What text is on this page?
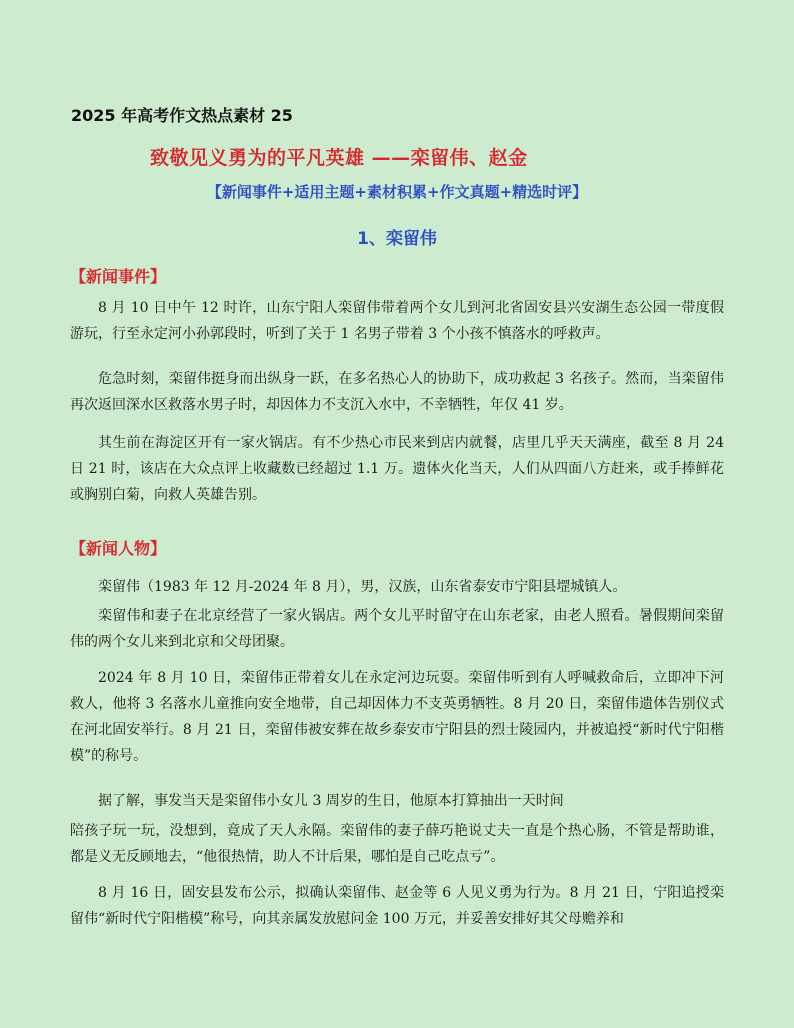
2025 年高考作文热点素材 25
致敬见义勇为的平凡英雄 ——栾留伟、赵金

【新闻事件+适用主题+素材积累+作文真题+精选时评】

1、栾留伟

【新闻事件】

8 月 10 日中午 12 时许，山东宁阳人栾留伟带着两个女儿到河北省固安县兴安湖生态公园一带度假游玩，行至永定河小孙郭段时，听到了关于 1 名男子带着 3 个小孩不慎落水的呼救声。

危急时刻，栾留伟挺身而出纵身一跃，在多名热心人的协助下，成功救起 3 名孩子。然而，当栾留伟再次返回深水区救落水男子时，却因体力不支沉入水中，不幸牺牲，年仅 41 岁。

其生前在海淀区开有一家火锅店。有不少热心市民来到店内就餐，店里几乎天天满座，截至 8 月 24 日 21 时，该店在大众点评上收藏数已经超过 1.1 万。遗体火化当天，人们从四面八方赶来，或手捧鲜花 或胸别白菊，向救人英雄告别。

【新闻人物】

栾留伟（1983 年 12 月-2024 年 8 月），男，汉族，山东省泰安市宁阳县堽城镇人。

栾留伟和妻子在北京经营了一家火锅店。两个女儿平时留守在山东老家，由老人照看。暑假期间栾留伟的两个女儿来到北京和父母团聚。

2024 年 8 月 10 日，栾留伟正带着女儿在永定河边玩耍。栾留伟听到有人呼喊救命后，立即冲下河救人，他将 3 名落水儿童推向安全地带，自己却因体力不支英勇牺牲。8 月 20 日，栾留伟遗体告别仪式在河北固安举行。8 月 21 日，栾留伟被安葬在故乡泰安市宁阳县的烈士陵园内，并被追授“新时代宁阳楷模”的称号。

据了解，事发当天是栾留伟小女儿 3 周岁的生日，他原本打算抽出一天时间

陪孩子玩一玩，没想到，竟成了天人永隔。栾留伟的妻子薛巧艳说丈夫一直是个热心肠，不管是帮助谁，都是义无反顾地去，“他很热情，助人不计后果，哪怕是自己吃点亏”。

8 月 16 日，固安县发布公示，拟确认栾留伟、赵金等 6 人见义勇为行为。8 月 21 日，宁阳追授栾留伟“新时代宁阳楷模”称号，向其亲属发放慰问金 100 万元，并妥善安排好其父母赡养和
